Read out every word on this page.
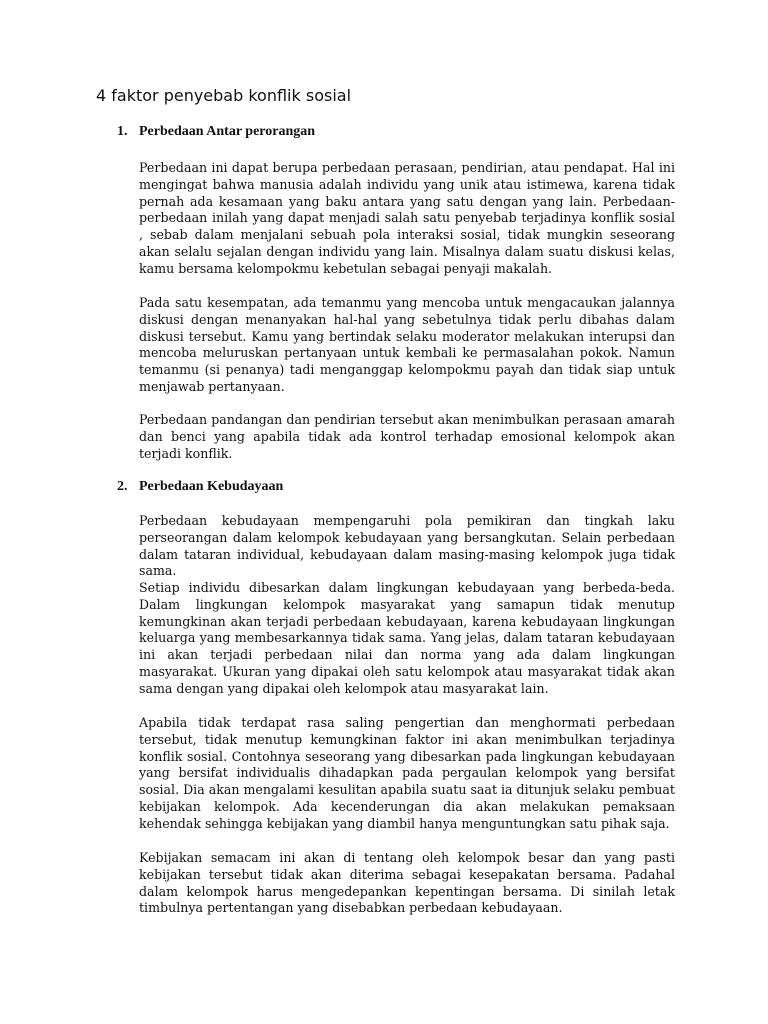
4 faktor penyebab konflik sosial
1. Perbedaan Antar perorangan

Perbedaan ini dapat berupa perbedaan perasaan, pendirian, atau pendapat. Hal ini mengingat bahwa manusia adalah individu yang unik atau istimewa, karena tidak pernah ada kesamaan yang baku antara yang satu dengan yang lain. Perbedaan-perbedaan inilah yang dapat menjadi salah satu penyebab terjadinya konflik sosial , sebab dalam menjalani sebuah pola interaksi sosial, tidak mungkin seseorang akan selalu sejalan dengan individu yang lain. Misalnya dalam suatu diskusi kelas, kamu bersama kelompokmu kebetulan sebagai penyaji makalah.

Pada satu kesempatan, ada temanmu yang mencoba untuk mengacaukan jalannya diskusi dengan menanyakan hal-hal yang sebetulnya tidak perlu dibahas dalam diskusi tersebut. Kamu yang bertindak selaku moderator melakukan interupsi dan mencoba meluruskan pertanyaan untuk kembali ke permasalahan pokok. Namun temanmu (si penanya) tadi menganggap kelompokmu payah dan tidak siap untuk menjawab pertanyaan.

Perbedaan pandangan dan pendirian tersebut akan menimbulkan perasaan amarah dan benci yang apabila tidak ada kontrol terhadap emosional kelompok akan terjadi konflik.

2. Perbedaan Kebudayaan

Perbedaan kebudayaan mempengaruhi pola pemikiran dan tingkah laku perseorangan dalam kelompok kebudayaan yang bersangkutan. Selain perbedaan dalam tataran individual, kebudayaan dalam masing-masing kelompok juga tidak sama.

Setiap individu dibesarkan dalam lingkungan kebudayaan yang berbeda-beda. Dalam lingkungan kelompok masyarakat yang samapun tidak menutup kemungkinan akan terjadi perbedaan kebudayaan, karena kebudayaan lingkungan keluarga yang membesarkannya tidak sama. Yang jelas, dalam tataran kebudayaan ini akan terjadi perbedaan nilai dan norma yang ada dalam lingkungan masyarakat. Ukuran yang dipakai oleh satu kelompok atau masyarakat tidak akan sama dengan yang dipakai oleh kelompok atau masyarakat lain.

Apabila tidak terdapat rasa saling pengertian dan menghormati perbedaan tersebut, tidak menutup kemungkinan faktor ini akan menimbulkan terjadinya konflik sosial. Contohnya seseorang yang dibesarkan pada lingkungan kebudayaan yang bersifat individualis dihadapkan pada pergaulan kelompok yang bersifat sosial. Dia akan mengalami kesulitan apabila suatu saat ia ditunjuk selaku pembuat kebijakan kelompok. Ada kecenderungan dia akan melakukan pemaksaan kehendak sehingga kebijakan yang diambil hanya menguntungkan satu pihak saja.

Kebijakan semacam ini akan di tentang oleh kelompok besar dan yang pasti kebijakan tersebut tidak akan diterima sebagai kesepakatan bersama. Padahal dalam kelompok harus mengedepankan kepentingan bersama. Di sinilah letak timbulnya pertentangan yang disebabkan perbedaan kebudayaan.
